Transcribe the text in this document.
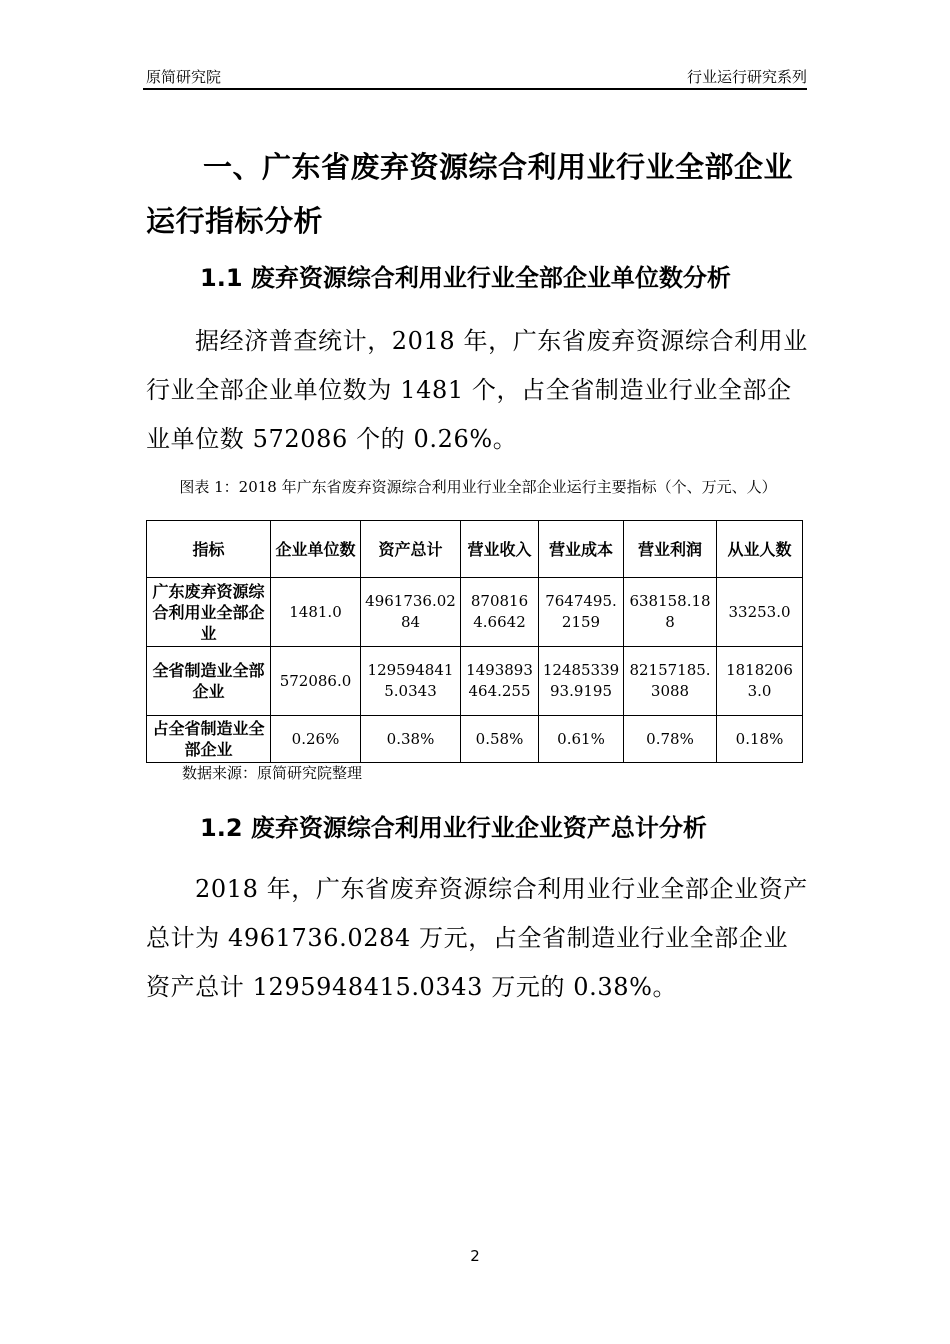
原简研究院	行业运行研究系列
一、广东省废弃资源综合利用业行业全部企业运行指标分析
1.1 废弃资源综合利用业行业全部企业单位数分析
据经济普查统计，2018 年，广东省废弃资源综合利用业行业全部企业单位数为 1481 个，占全省制造业行业全部企业单位数 572086 个的 0.26%。
图表 1：2018 年广东省废弃资源综合利用业行业全部企业运行主要指标（个、万元、人）
指标	企业单位数	资产总计	营业收入	营业成本	营业利润	从业人数
广东废弃资源综合利用业全部企业	1481.0	4961736.0284	8708164.6642	7647495.2159	638158.188	33253.0
全省制造业全部企业	572086.0	1295948415.0343	1493893464.255	1248533993.9195	82157185.3088	18182063.0
占全省制造业全部企业	0.26%	0.38%	0.58%	0.61%	0.78%	0.18%
数据来源：原简研究院整理
1.2 废弃资源综合利用业行业企业资产总计分析
2018 年，广东省废弃资源综合利用业行业全部企业资产总计为 4961736.0284 万元，占全省制造业行业全部企业资产总计 1295948415.0343 万元的 0.38%。
2
